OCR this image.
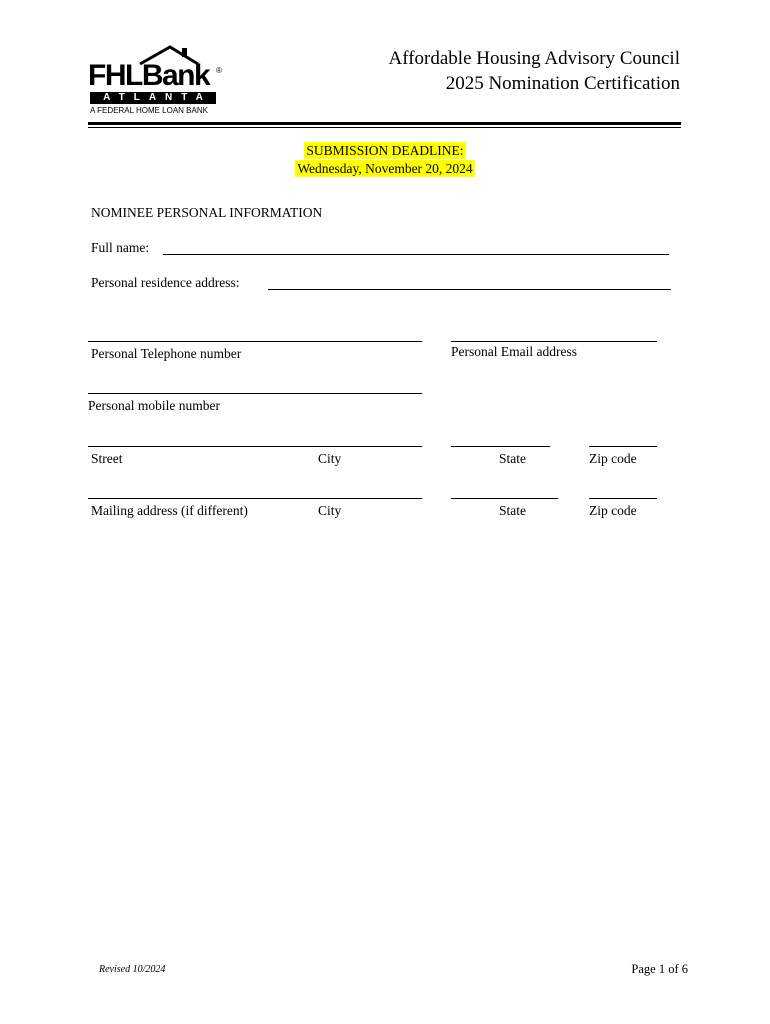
FHLBank ®
ATLANTA
A FEDERAL HOME LOAN BANK
Affordable Housing Advisory Council
2025 Nomination Certification
SUBMISSION DEADLINE:
Wednesday, November 20, 2024
NOMINEE PERSONAL INFORMATION
Full name:
Personal residence address:
Personal Telephone number	Personal Email address
Personal mobile number
Street	City	State	Zip code
Mailing address (if different)	City	State	Zip code
Revised 10/2024	Page 1 of 6
